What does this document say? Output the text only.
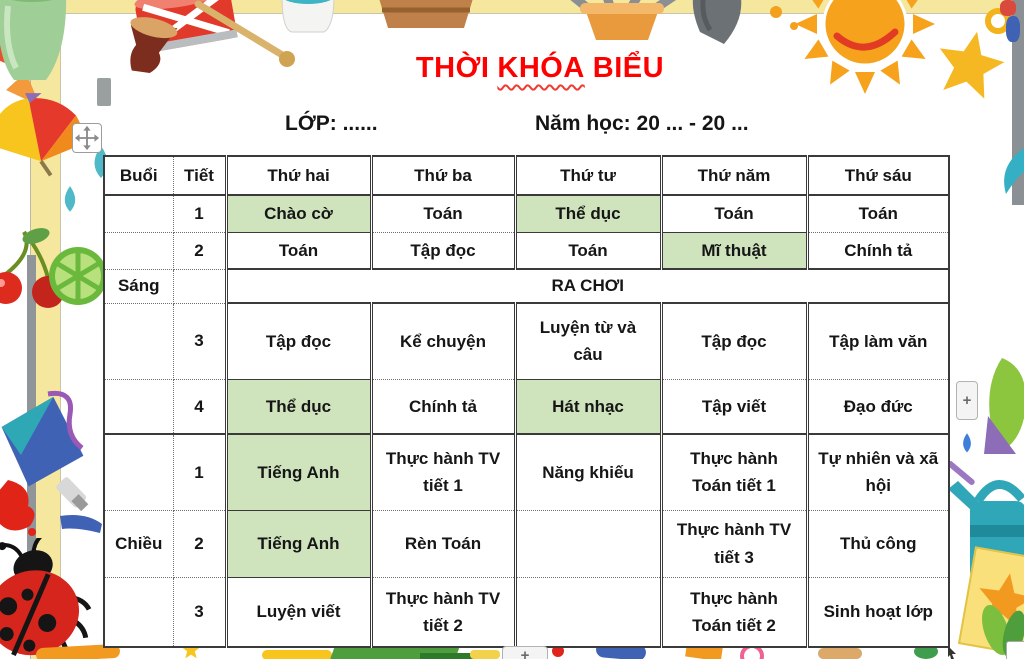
THỜI KHÓA BIỂU
LỚP: ......	Năm học: 20 ... - 20 ...
Buổi	Tiết	Thứ hai	Thứ ba	Thứ tư	Thứ năm	Thứ sáu
	1	Chào cờ	Toán	Thể dục	Toán	Toán
	2	Toán	Tập đọc	Toán	Mĩ thuật	Chính tả
Sáng		RA CHƠI				
	3	Tập đọc	Kể chuyện	Luyện từ và câu	Tập đọc	Tập làm văn
	4	Thể dục	Chính tả	Hát nhạc	Tập viết	Đạo đức
	1	Tiếng Anh	Thực hành TV tiết 1	Năng khiếu	Thực hành Toán tiết 1	Tự nhiên và xã hội
Chiều	2	Tiếng Anh	Rèn Toán		Thực hành TV tiết 3	Thủ công
	3	Luyện viết	Thực hành TV tiết 2		Thực hành Toán tiết 2	Sinh hoạt lớp
+
+
